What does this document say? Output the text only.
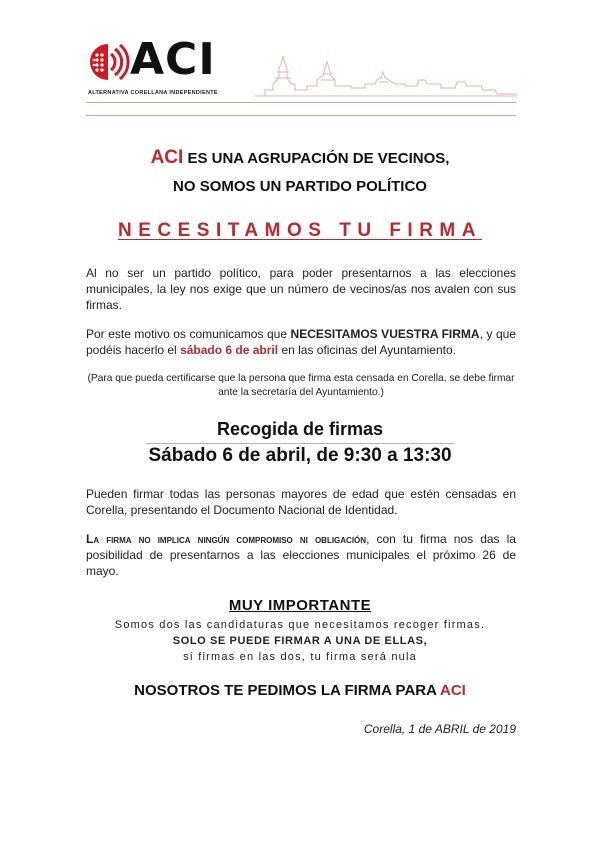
ACI
ALTERNATIVA CORELLANA INDEPENDIENTE
ACI ES UNA AGRUPACIÓN DE VECINOS,
NO SOMOS UN PARTIDO POLÍTICO
NECESITAMOS TU FIRMA
Al no ser un partido político, para poder presentarnos a las elecciones municipales, la ley nos exige que un número de vecinos/as nos avalen con sus firmas.
Por este motivo os comunicamos que NECESITAMOS VUESTRA FIRMA, y que podéis hacerlo el sábado 6 de abril en las oficinas del Ayuntamiento.
(Para que pueda certificarse que la persona que firma esta censada en Corella, se debe firmar ante la secretaría del Ayuntamiento.)
Recogida de firmas
Sábado 6 de abril, de 9:30 a 13:30
Pueden firmar todas las personas mayores de edad que estén censadas en Corella, presentando el Documento Nacional de Identidad.
La firma no implica ningún compromiso ni obligación, con tu firma nos das la posibilidad de presentarnos a las elecciones municipales el próximo 26 de mayo.
MUY IMPORTANTE
Somos dos las candidaturas que necesitamos recoger firmas.
SOLO SE PUEDE FIRMAR A UNA DE ELLAS,
sí firmas en las dos, tu firma será nula
NOSOTROS TE PEDIMOS LA FIRMA PARA ACI
Corella, 1 de ABRIL de 2019
